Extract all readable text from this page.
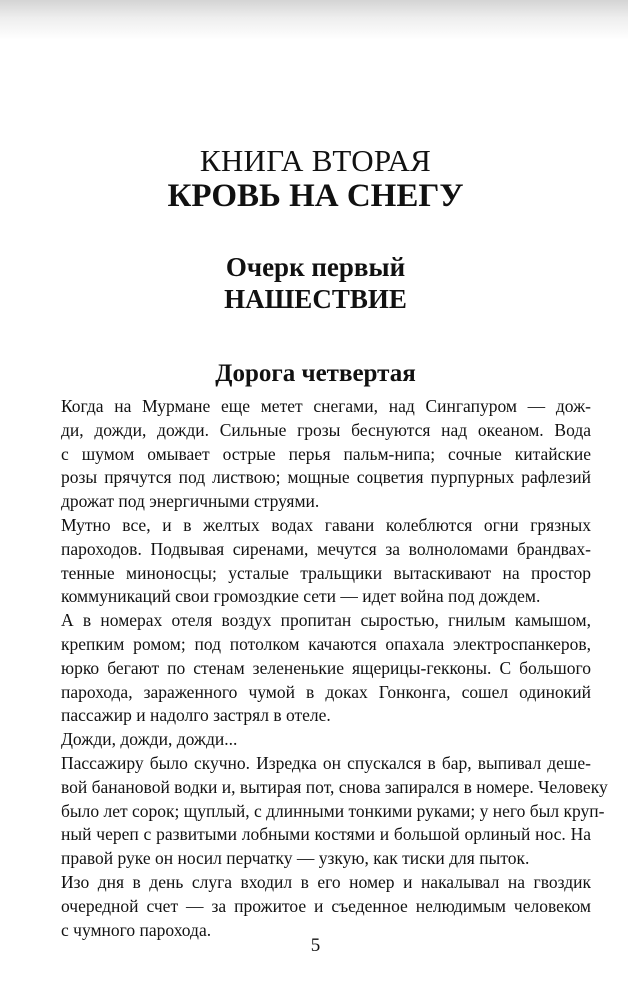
КНИГА ВТОРАЯ
КРОВЬ НА СНЕГУ
Очерк первый
НАШЕСТВИЕ
Дорога четвертая

Когда на Мурмане еще метет снегами, над Сингапуром — дож-
ди, дожди, дожди. Сильные грозы беснуются над океаном. Вода
с шумом омывает острые перья пальм-нипа; сочные китайские
розы прячутся под листвою; мощные соцветия пурпурных рафлезий
дрожат под энергичными струями.

Мутно все, и в желтых водах гавани колеблются огни грязных
пароходов. Подвывая сиренами, мечутся за волноломами брандвах-
тенные миноносцы; усталые тральщики вытаскивают на простор
коммуникаций свои громоздкие сети — идет война под дождем.

А в номерах отеля воздух пропитан сыростью, гнилым камышом,
крепким ромом; под потолком качаются опахала электроспанкеров,
юрко бегают по стенам зелененькие ящерицы-гекконы. С большого
парохода, зараженного чумой в доках Гонконга, сошел одинокий
пассажир и надолго застрял в отеле.

Дожди, дожди, дожди...

Пассажиру было скучно. Изредка он спускался в бар, выпивал деше-
вой банановой водки и, вытирая пот, снова запирался в номере. Человеку
было лет сорок; щуплый, с длинными тонкими руками; у него был круп-
ный череп с развитыми лобными костями и большой орлиный нос. На
правой руке он носил перчатку — узкую, как тиски для пыток.

Изо дня в день слуга входил в его номер и накалывал на гвоздик
очередной счет — за прожитое и съеденное нелюдимым человеком
с чумного парохода.

5
